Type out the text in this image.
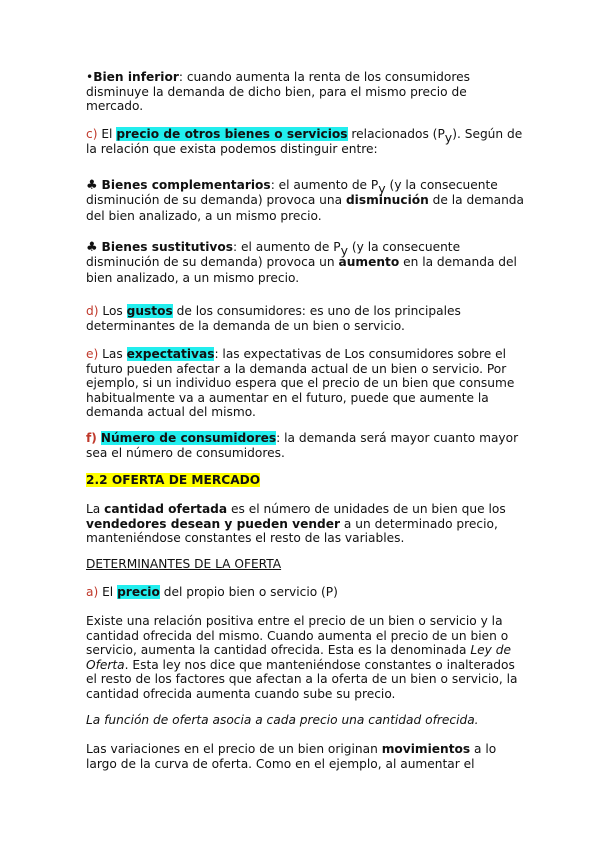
•Bien inferior: cuando aumenta la renta de los consumidores disminuye la demanda de dicho bien, para el mismo precio de mercado.

c) El precio de otros bienes o servicios relacionados $(P_y)$. Según de la relación que exista podemos distinguir entre:

♣ Bienes complementarios: el aumento de $P_y$ (y la consecuente disminución de su demanda) provoca una disminución de la demanda del bien analizado, a un mismo precio.

♣ Bienes sustitutivos: el aumento de $P_y$ (y la consecuente disminución de su demanda) provoca un aumento en la demanda del bien analizado, a un mismo precio.

d) Los gustos de los consumidores: es uno de los principales determinantes de la demanda de un bien o servicio.

e) Las expectativas: las expectativas de Los consumidores sobre el futuro pueden afectar a la demanda actual de un bien o servicio. Por ejemplo, si un individuo espera que el precio de un bien que consume habitualmente va a aumentar en el futuro, puede que aumente la demanda actual del mismo.

f) Número de consumidores: la demanda será mayor cuanto mayor sea el número de consumidores.

2.2 OFERTA DE MERCADO

La cantidad ofertada es el número de unidades de un bien que los vendedores desean y pueden vender a un determinado precio, manteniéndose constantes el resto de las variables.

DETERMINANTES DE LA OFERTA

a) El precio del propio bien o servicio (P)

Existe una relación positiva entre el precio de un bien o servicio y la cantidad ofrecida del mismo. Cuando aumenta el precio de un bien o servicio, aumenta la cantidad ofrecida. Esta es la denominada Ley de Oferta. Esta ley nos dice que manteniéndose constantes o inalterados el resto de los factores que afectan a la oferta de un bien o servicio, la cantidad ofrecida aumenta cuando sube su precio.

La función de oferta asocia a cada precio una cantidad ofrecida.

Las variaciones en el precio de un bien originan movimientos a lo largo de la curva de oferta. Como en el ejemplo, al aumentar el
